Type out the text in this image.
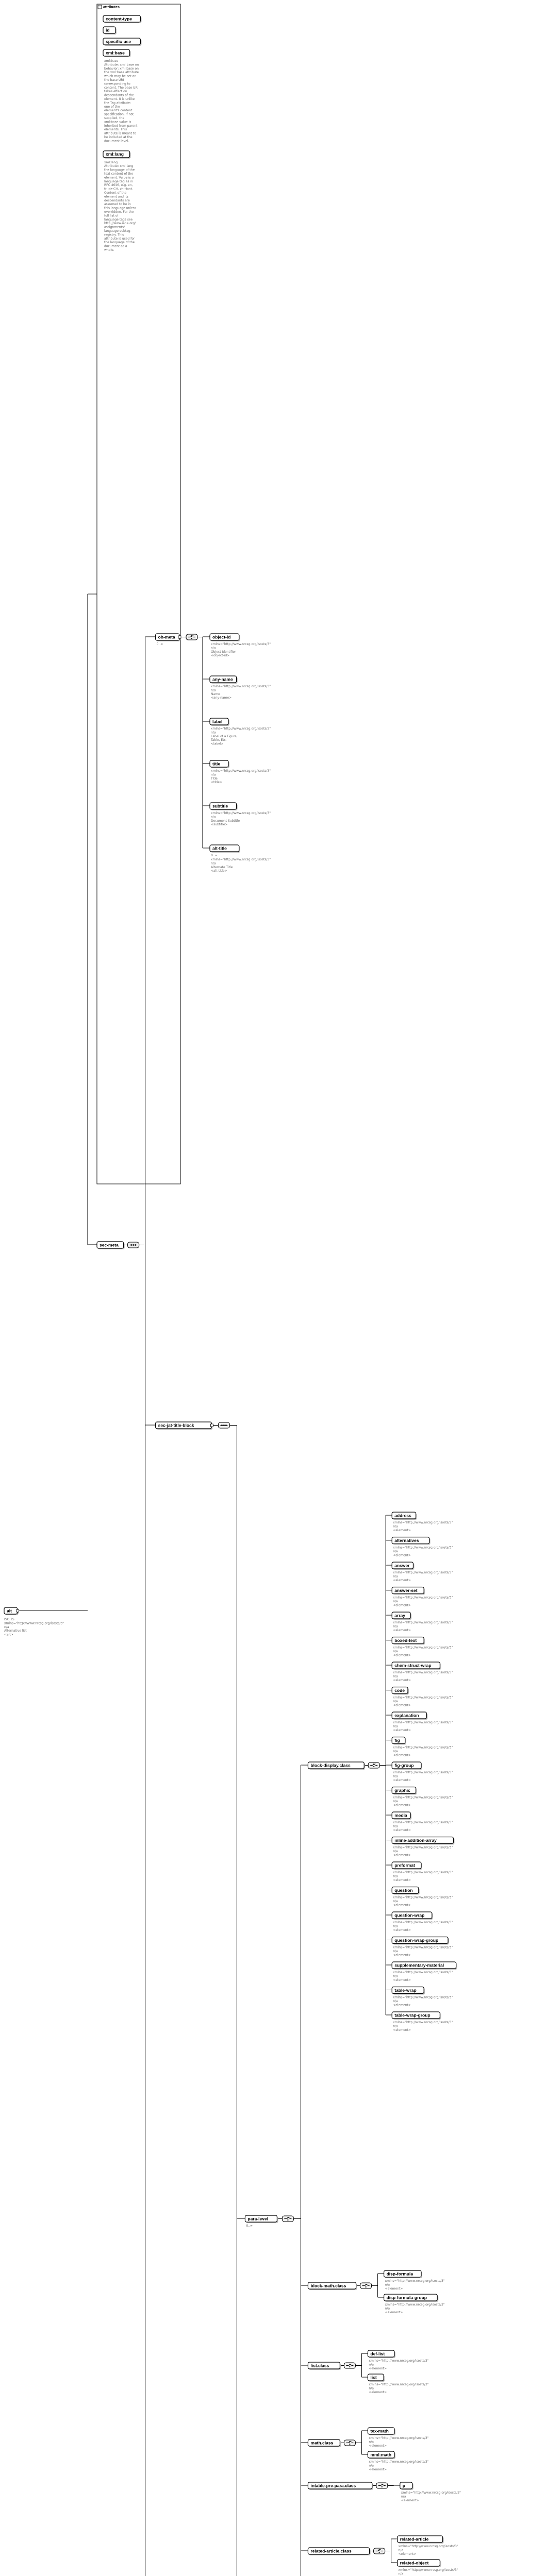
alt
ISO TS
xmlns="http://www.nrcsg.org/isosts/3"
n/a
Alternative list
<alt>
attributes
content-type
id
specific-use
xml:base
xml:base
Attribute: xml:base on
behavior: xml:base on
the xml:base attribute
which may be set on
the base URI
corresponding to
content. The base URI
takes effect on
descendants of the
element. It is unlike
the Tag attribute:
one of the
element's content
specification. If not
supplied, the
xml:base value is
inherited from parent
elements. This
attribute is meant to
be included at the
document level.
xml:lang
xml:lang
Attribute: xml:lang
the language of the
text content of the
element. Value is a
language tag as in
RFC 4646, e.g. en,
fr, de-CH, zh-Hant.
Content of the
element and its
descendants are
assumed to be in
this language unless
overridden. For the
full list of
language tags see
http://www.iana.org/
assignments/
language-subtag-
registry. This
attribute is used for
the language of the
document as a
whole.
sec-meta
oh-meta
0..∞
sec-jat-title-block
object-id
xmlns="http://www.nrcsg.org/isosts/3"
n/a
Object Identifier
<object-id>
any-name
xmlns="http://www.nrcsg.org/isosts/3"
n/a
Name
<any-name>
label
xmlns="http://www.nrcsg.org/isosts/3"
n/a
Label of a Figure,
Table, Etc.
<label>
title
xmlns="http://www.nrcsg.org/isosts/3"
n/a
Title
<title>
subtitle
xmlns="http://www.nrcsg.org/isosts/3"
n/a
Document Subtitle
<subtitle>
alt-title
0..∞
xmlns="http://www.nrcsg.org/isosts/3"
n/a
Alternate Title
<alt-title>
para-level
0..∞
block-display.class
address
xmlns="http://www.nrcsg.org/isosts/3"
n/a
<element>
alternatives
xmlns="http://www.nrcsg.org/isosts/3"
n/a
<element>
answer
xmlns="http://www.nrcsg.org/isosts/3"
n/a
<element>
answer-set
xmlns="http://www.nrcsg.org/isosts/3"
n/a
<element>
array
xmlns="http://www.nrcsg.org/isosts/3"
n/a
<element>
boxed-text
xmlns="http://www.nrcsg.org/isosts/3"
n/a
<element>
chem-struct-wrap
xmlns="http://www.nrcsg.org/isosts/3"
n/a
<element>
code
xmlns="http://www.nrcsg.org/isosts/3"
n/a
<element>
explanation
xmlns="http://www.nrcsg.org/isosts/3"
n/a
<element>
fig
xmlns="http://www.nrcsg.org/isosts/3"
n/a
<element>
fig-group
xmlns="http://www.nrcsg.org/isosts/3"
n/a
<element>
graphic
xmlns="http://www.nrcsg.org/isosts/3"
n/a
<element>
media
xmlns="http://www.nrcsg.org/isosts/3"
n/a
<element>
inline-addition-array
xmlns="http://www.nrcsg.org/isosts/3"
n/a
<element>
preformat
xmlns="http://www.nrcsg.org/isosts/3"
n/a
<element>
question
xmlns="http://www.nrcsg.org/isosts/3"
n/a
<element>
question-wrap
xmlns="http://www.nrcsg.org/isosts/3"
n/a
<element>
question-wrap-group
xmlns="http://www.nrcsg.org/isosts/3"
n/a
<element>
supplementary-material
xmlns="http://www.nrcsg.org/isosts/3"
n/a
<element>
table-wrap
xmlns="http://www.nrcsg.org/isosts/3"
n/a
<element>
table-wrap-group
xmlns="http://www.nrcsg.org/isosts/3"
n/a
<element>
block-math.class
disp-formula
xmlns="http://www.nrcsg.org/isosts/3"
n/a
<element>
disp-formula-group
xmlns="http://www.nrcsg.org/isosts/3"
n/a
<element>
list.class
def-list
xmlns="http://www.nrcsg.org/isosts/3"
n/a
<element>
list
xmlns="http://www.nrcsg.org/isosts/3"
n/a
<element>
math.class
tex-math
xmlns="http://www.nrcsg.org/isosts/3"
n/a
<element>
mml:math
xmlns="http://www.nrcsg.org/isosts/3"
n/a
<element>
intable-pre-para.class	p
xmlns="http://www.nrcsg.org/isosts/3"
n/a
<element>
related-article.class
related-article
xmlns="http://www.nrcsg.org/isosts/3"
n/a
<element>
related-object
xmlns="http://www.nrcsg.org/isosts/3"
n/a
